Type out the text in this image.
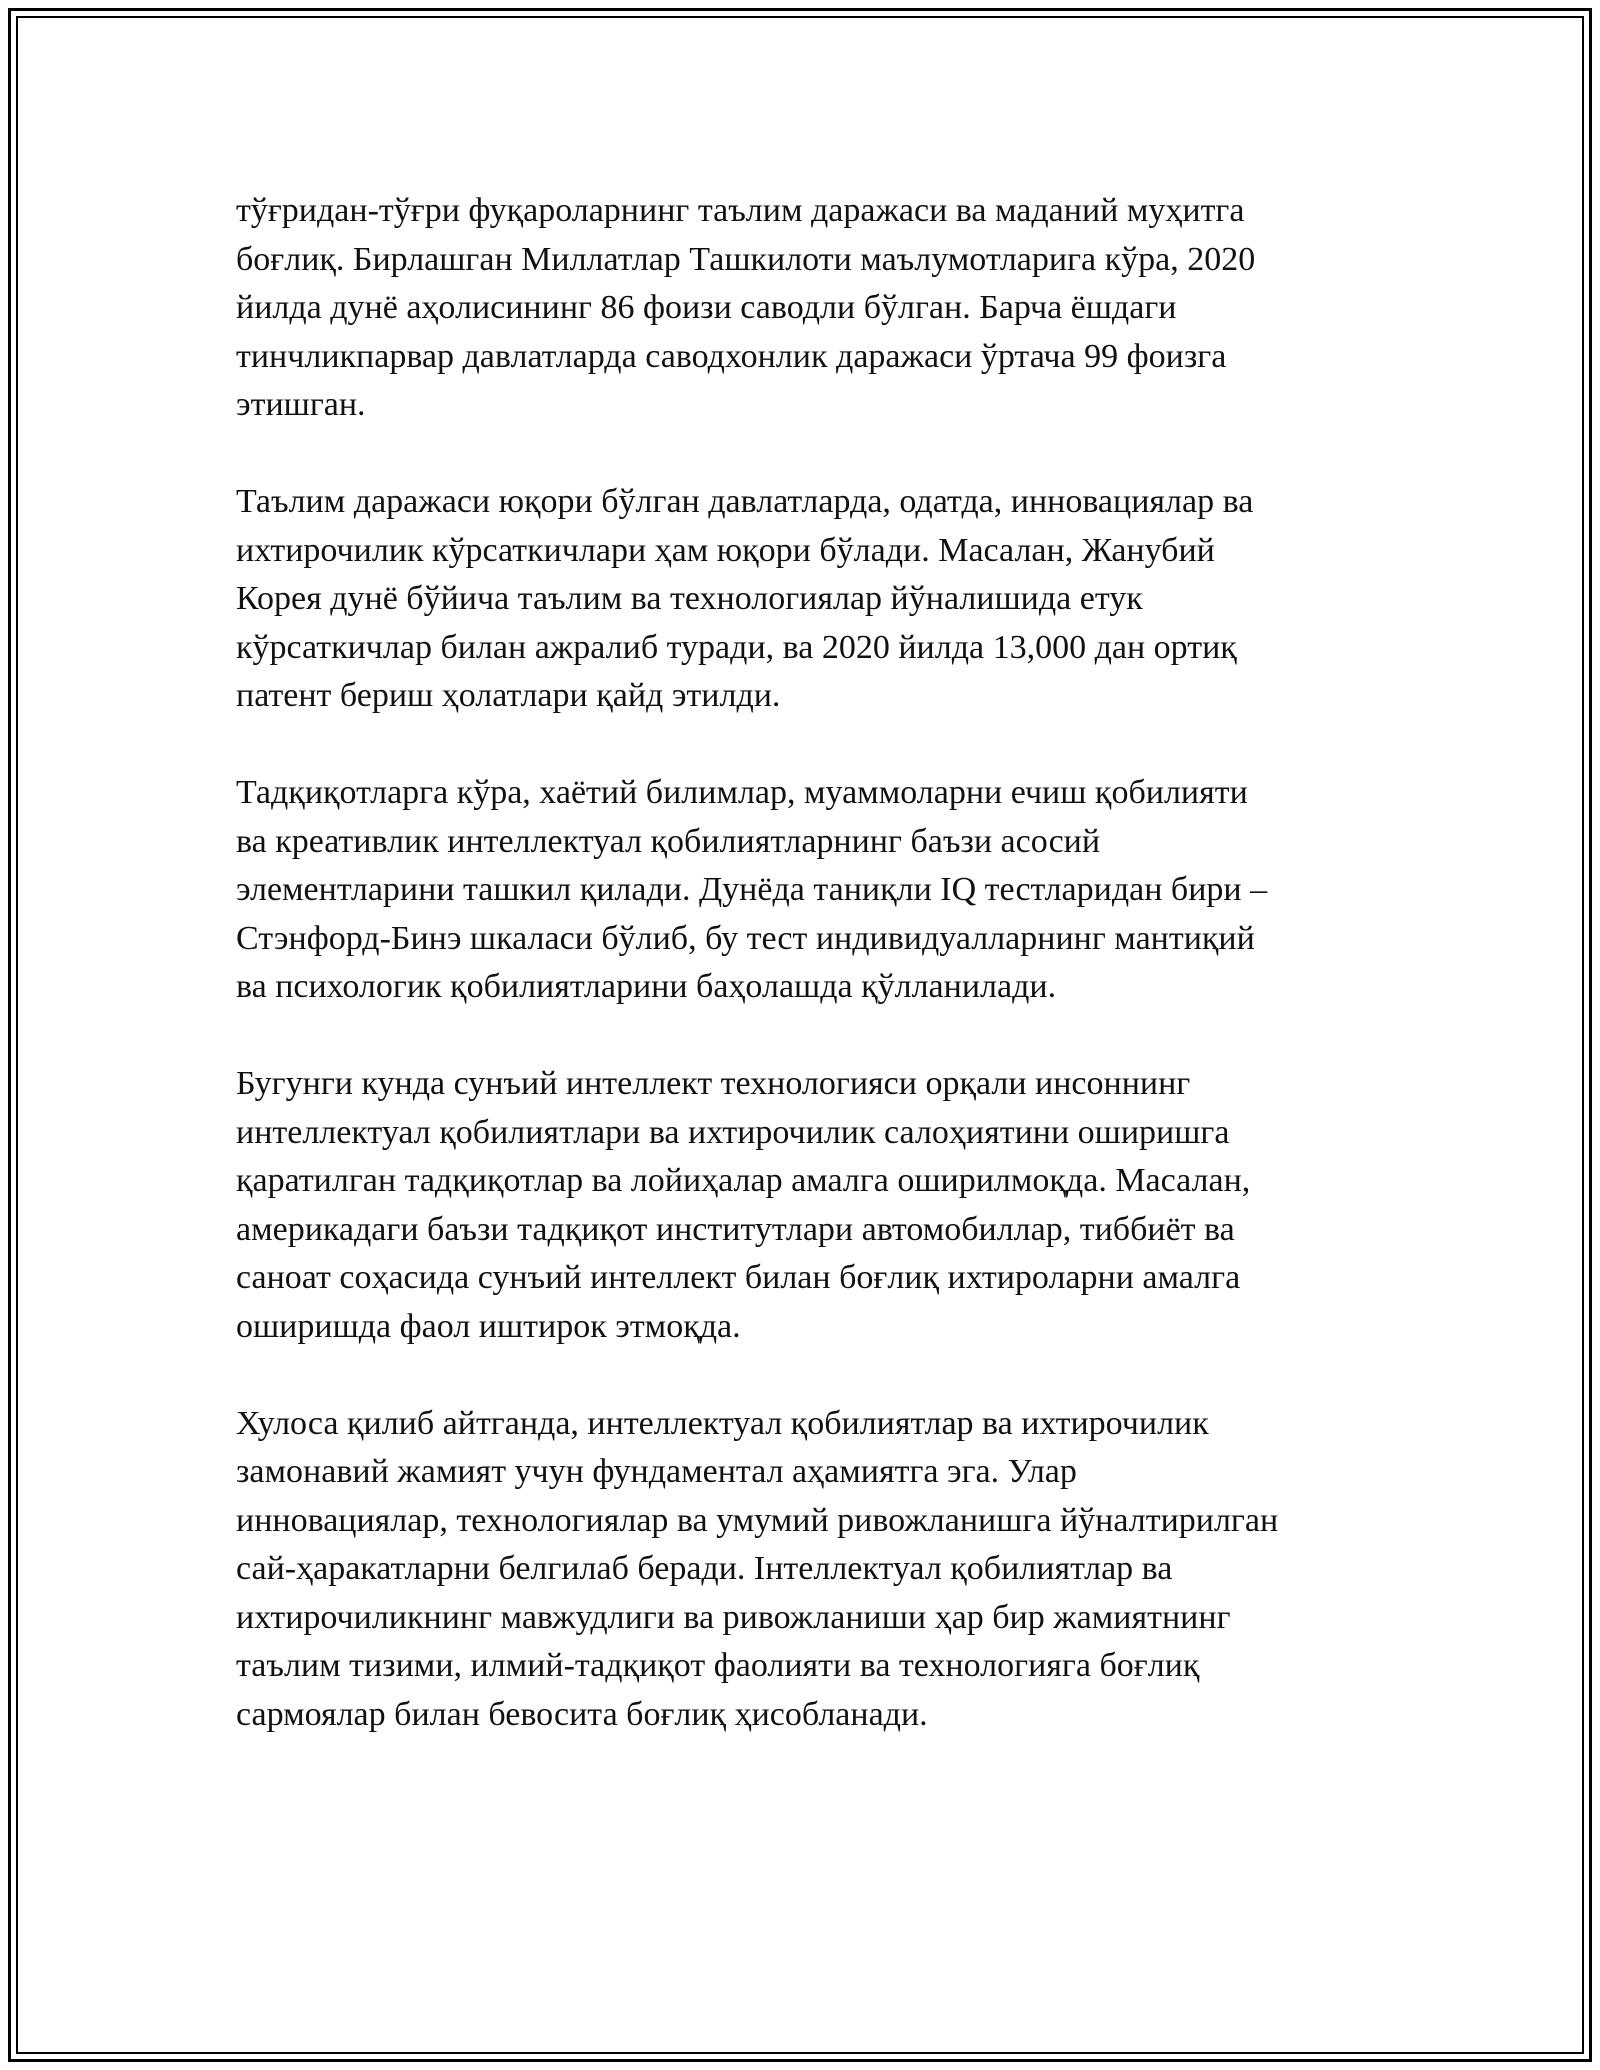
тўғридан-тўғри фуқароларнинг таълим даражаси ва маданий муҳитга
боғлиқ. Бирлашган Миллатлар Ташкилоти маълумотларига кўра, 2020
йилда дунё аҳолисининг 86 фоизи саводли бўлган. Барча ёшдаги
тинчликпарвар давлатларда саводхонлик даражаси ўртача 99 фоизга
этишган.
Таълим даражаси юқори бўлган давлатларда, одатда, инновациялар ва
ихтирочилик кўрсаткичлари ҳам юқори бўлади. Масалан, Жанубий
Корея дунё бўйича таълим ва технологиялар йўналишида етук
кўрсаткичлар билан ажралиб туради, ва 2020 йилда 13,000 дан ортиқ
патент бериш ҳолатлари қайд этилди.
Тадқиқотларга кўра, хаётий билимлар, муаммоларни ечиш қобилияти
ва креативлик интеллектуал қобилиятларнинг баъзи асосий
элементларини ташкил қилади. Дунёда таниқли IQ тестларидан бири –
Стэнфорд-Бинэ шкаласи бўлиб, бу тест индивидуалларнинг мантиқий
ва психологик қобилиятларини баҳолашда қўлланилади.
Бугунги кунда сунъий интеллект технологияси орқали инсоннинг
интеллектуал қобилиятлари ва ихтирочилик салоҳиятини оширишга
қаратилган тадқиқотлар ва лойиҳалар амалга оширилмоқда. Масалан,
америкадаги баъзи тадқиқот институтлари автомобиллар, тиббиёт ва
саноат соҳасида сунъий интеллект билан боғлиқ ихтироларни амалга
оширишда фаол иштирок этмоқда.
Хулоса қилиб айтганда, интеллектуал қобилиятлар ва ихтирочилик
замонавий жамият учун фундаментал аҳамиятга эга. Улар
инновациялар, технологиялар ва умумий ривожланишга йўналтирилган
сай-ҳаракатларни белгилаб беради. Інтеллектуал қобилиятлар ва
ихтирочиликнинг мавжудлиги ва ривожланиши ҳар бир жамиятнинг
таълим тизими, илмий-тадқиқот фаолияти ва технологияга боғлиқ
сармоялар билан бевосита боғлиқ ҳисобланади.
